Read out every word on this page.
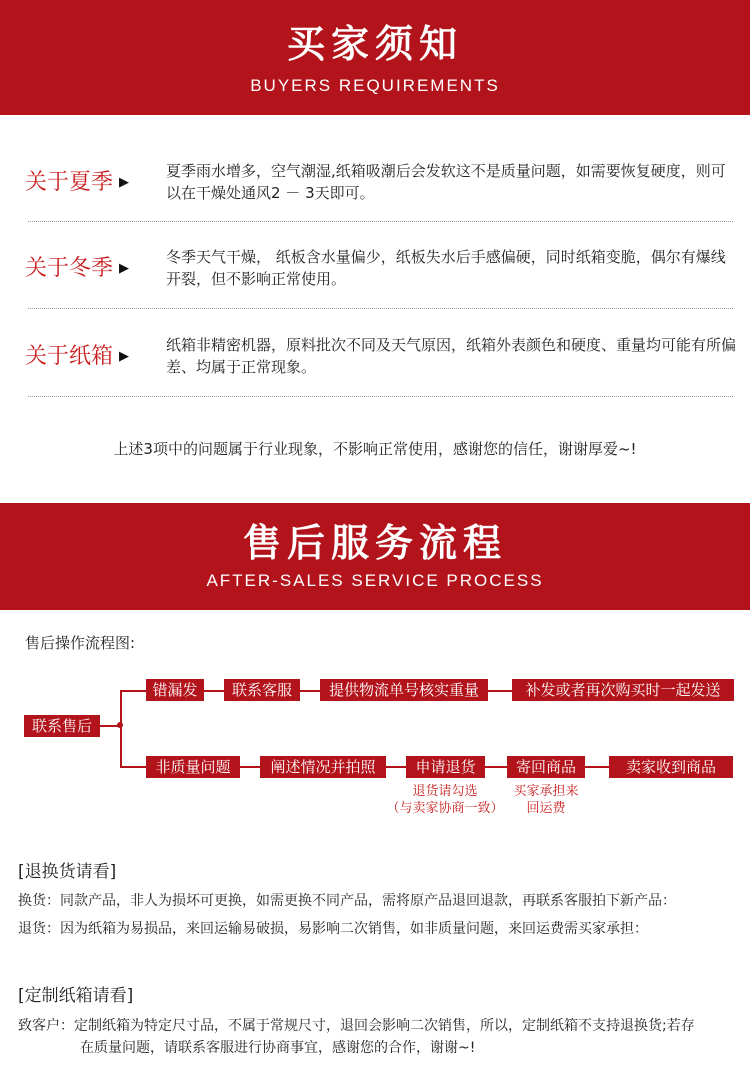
买家须知
BUYERS REQUIREMENTS
关于夏季 ▶
夏季雨水增多，空气潮湿,纸箱吸潮后会发软这不是质量问题，如需要恢复硬度，则可以在干燥处通风2 － 3天即可。
关于冬季 ▶
冬季天气干燥， 纸板含水量偏少，纸板失水后手感偏硬，同时纸箱变脆，偶尔有爆线开裂，但不影响正常使用。
关于纸箱 ▶
纸箱非精密机器，原料批次不同及天气原因，纸箱外表颜色和硬度、重量均可能有所偏差、均属于正常现象。
上述3项中的问题属于行业现象，不影响正常使用，感谢您的信任，谢谢厚爱~!
售后服务流程
AFTER-SALES SERVICE PROCESS
售后操作流程图:
联系售后
错漏发	联系客服	提供物流单号核实重量	补发或者再次购买时一起发送
非质量问题	阐述情况并拍照	申请退货	寄回商品	卖家收到商品
退货请勾选
（与卖家协商一致）
买家承担来
回运费
[退换货请看]
换货：同款产品，非人为损坏可更换，如需更换不同产品，需将原产品退回退款，再联系客服拍下新产品：
退货：因为纸箱为易损品，来回运输易破损，易影响二次销售，如非质量问题，来回运费需买家承担：
[定制纸箱请看]
致客户：定制纸箱为特定尺寸品，不属于常规尺寸，退回会影响二次销售，所以，定制纸箱不支持退换货;若存
在质量问题，请联系客服进行协商事宜，感谢您的合作，谢谢~!
